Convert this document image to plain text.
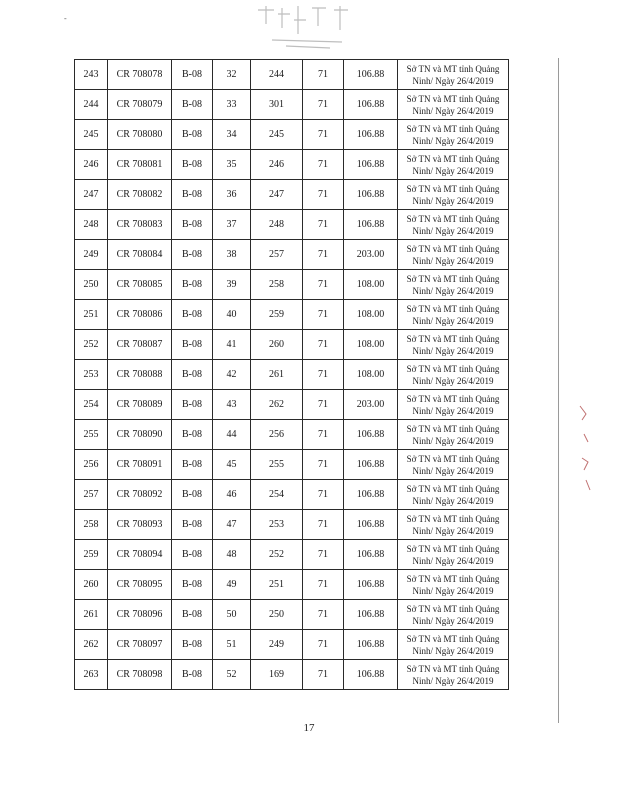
-
243	CR 708078	B-08	32	244	71	106.88	Sở TN và MT tỉnh Quảng
Ninh/ Ngày 26/4/2019

244	CR 708079	B-08	33	301	71	106.88	Sở TN và MT tỉnh Quảng
Ninh/ Ngày 26/4/2019

245	CR 708080	B-08	34	245	71	106.88	Sở TN và MT tỉnh Quảng
Ninh/ Ngày 26/4/2019

246	CR 708081	B-08	35	246	71	106.88	Sở TN và MT tỉnh Quảng
Ninh/ Ngày 26/4/2019

247	CR 708082	B-08	36	247	71	106.88	Sở TN và MT tỉnh Quảng
Ninh/ Ngày 26/4/2019

248	CR 708083	B-08	37	248	71	106.88	Sở TN và MT tỉnh Quảng
Ninh/ Ngày 26/4/2019

249	CR 708084	B-08	38	257	71	203.00	Sở TN và MT tỉnh Quảng
Ninh/ Ngày 26/4/2019

250	CR 708085	B-08	39	258	71	108.00	Sở TN và MT tỉnh Quảng
Ninh/ Ngày 26/4/2019

251	CR 708086	B-08	40	259	71	108.00	Sở TN và MT tỉnh Quảng
Ninh/ Ngày 26/4/2019

252	CR 708087	B-08	41	260	71	108.00	Sở TN và MT tỉnh Quảng
Ninh/ Ngày 26/4/2019

253	CR 708088	B-08	42	261	71	108.00	Sở TN và MT tỉnh Quảng
Ninh/ Ngày 26/4/2019

254	CR 708089	B-08	43	262	71	203.00	Sở TN và MT tỉnh Quảng
Ninh/ Ngày 26/4/2019

255	CR 708090	B-08	44	256	71	106.88	Sở TN và MT tỉnh Quảng
Ninh/ Ngày 26/4/2019

256	CR 708091	B-08	45	255	71	106.88	Sở TN và MT tỉnh Quảng
Ninh/ Ngày 26/4/2019

257	CR 708092	B-08	46	254	71	106.88	Sở TN và MT tỉnh Quảng
Ninh/ Ngày 26/4/2019

258	CR 708093	B-08	47	253	71	106.88	Sở TN và MT tỉnh Quảng
Ninh/ Ngày 26/4/2019

259	CR 708094	B-08	48	252	71	106.88	Sở TN và MT tỉnh Quảng
Ninh/ Ngày 26/4/2019

260	CR 708095	B-08	49	251	71	106.88	Sở TN và MT tỉnh Quảng
Ninh/ Ngày 26/4/2019

261	CR 708096	B-08	50	250	71	106.88	Sở TN và MT tỉnh Quảng
Ninh/ Ngày 26/4/2019

262	CR 708097	B-08	51	249	71	106.88	Sở TN và MT tỉnh Quảng
Ninh/ Ngày 26/4/2019

263	CR 708098	B-08	52	169	71	106.88	Sở TN và MT tỉnh Quảng
Ninh/ Ngày 26/4/2019
17
